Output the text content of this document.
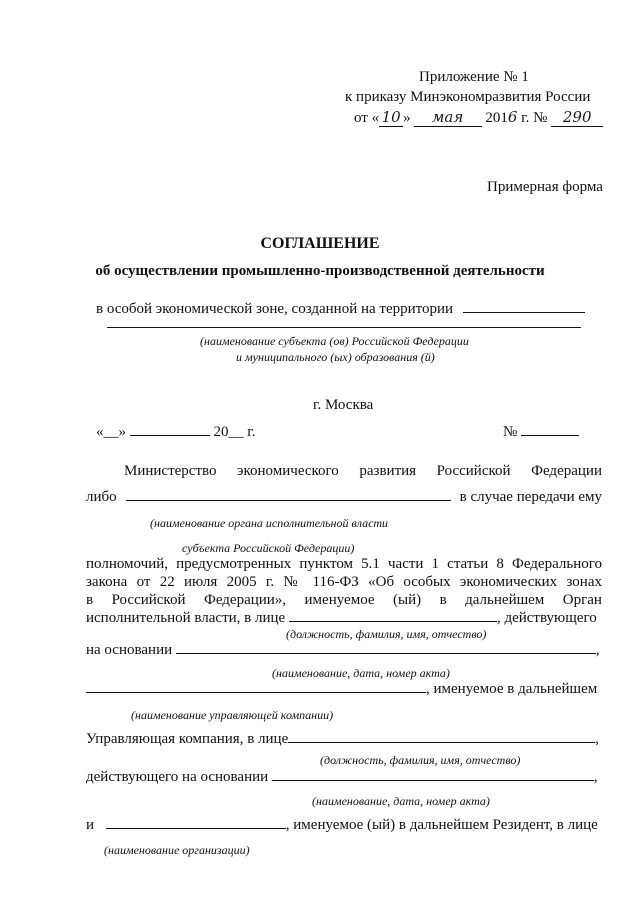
Приложение № 1
к приказу Минэкономразвития России
от « 10 » мая 2016 г. № 290
Примерная форма
СОГЛАШЕНИЕ
об осуществлении промышленно-производственной деятельности
в особой экономической зоне, созданной на территории
(наименование субъекта (ов) Российской Федерации
и муниципального (ых) образования (й)
г. Москва
«__»	20__ г.	№
Министерство экономического развития Российской Федерации
либо	в случае передачи ему
(наименование органа исполнительной власти
субъекта Российской Федерации)
полномочий, предусмотренных пунктом 5.1 части 1 статьи 8 Федерального
закона от 22 июля 2005 г. № 116-ФЗ «Об особых экономических зонах
в Российской Федерации», именуемое (ый) в дальнейшем Орган
исполнительной власти, в лице	, действующего
(должность, фамилия, имя, отчество)
на основании	,
(наименование, дата, номер акта)
, именуемое в дальнейшем
(наименование управляющей компании)
Управляющая компания, в лице	,
(должность, фамилия, имя, отчество)
действующего на основании	,
(наименование, дата, номер акта)
и	, именуемое (ый) в дальнейшем Резидент, в лице
(наименование организации)
